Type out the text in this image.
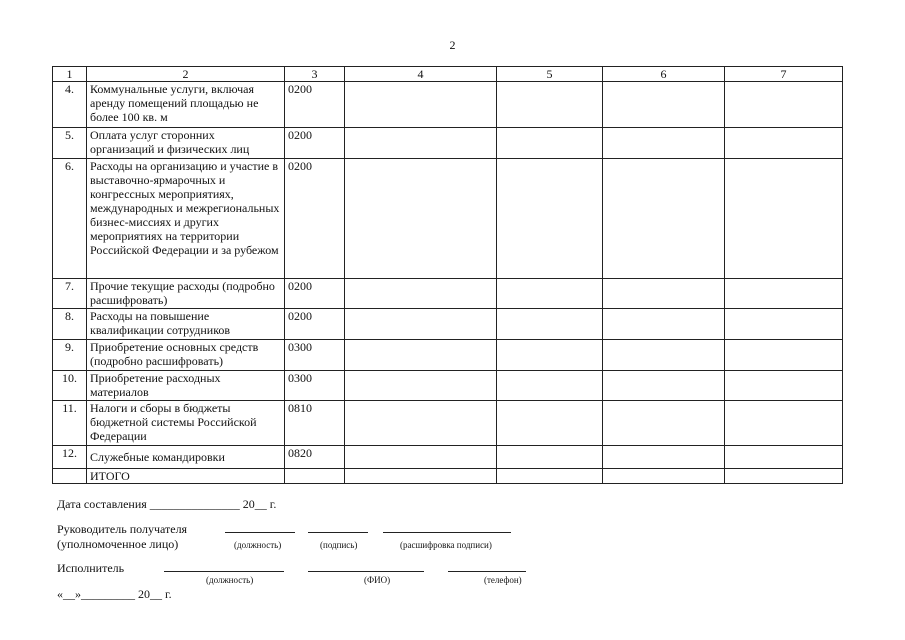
2
1	2	3	4	5	6	7
4.	Коммунальные услуги, включая аренду помещений площадью не более 100 кв. м	0200				
5.	Оплата услуг сторонних организаций и физических лиц	0200				
6.	Расходы на организацию и участие в выставочно-ярмарочных и конгрессных мероприятиях, международных и межрегиональных бизнес-миссиях и других мероприятиях на территории Российской Федерации и за рубежом	0200				
7.	Прочие текущие расходы (подробно расшифровать)	0200				
8.	Расходы на повышение квалификации сотрудников	0200				
9.	Приобретение основных средств (подробно расшифровать)	0300				
10.	Приобретение расходных материалов	0300				
11.	Налоги и сборы в бюджеты бюджетной системы Российской Федерации	0810				
12.	Служебные командировки	0820				
	ИТОГО					
Дата составления _______________ 20__ г.
Руководитель получателя
(уполномоченное лицо)	(должность)	(подпись)	(расшифровка подписи)
Исполнитель
(должность)	(ФИО)	(телефон)
«__»_________ 20__ г.
